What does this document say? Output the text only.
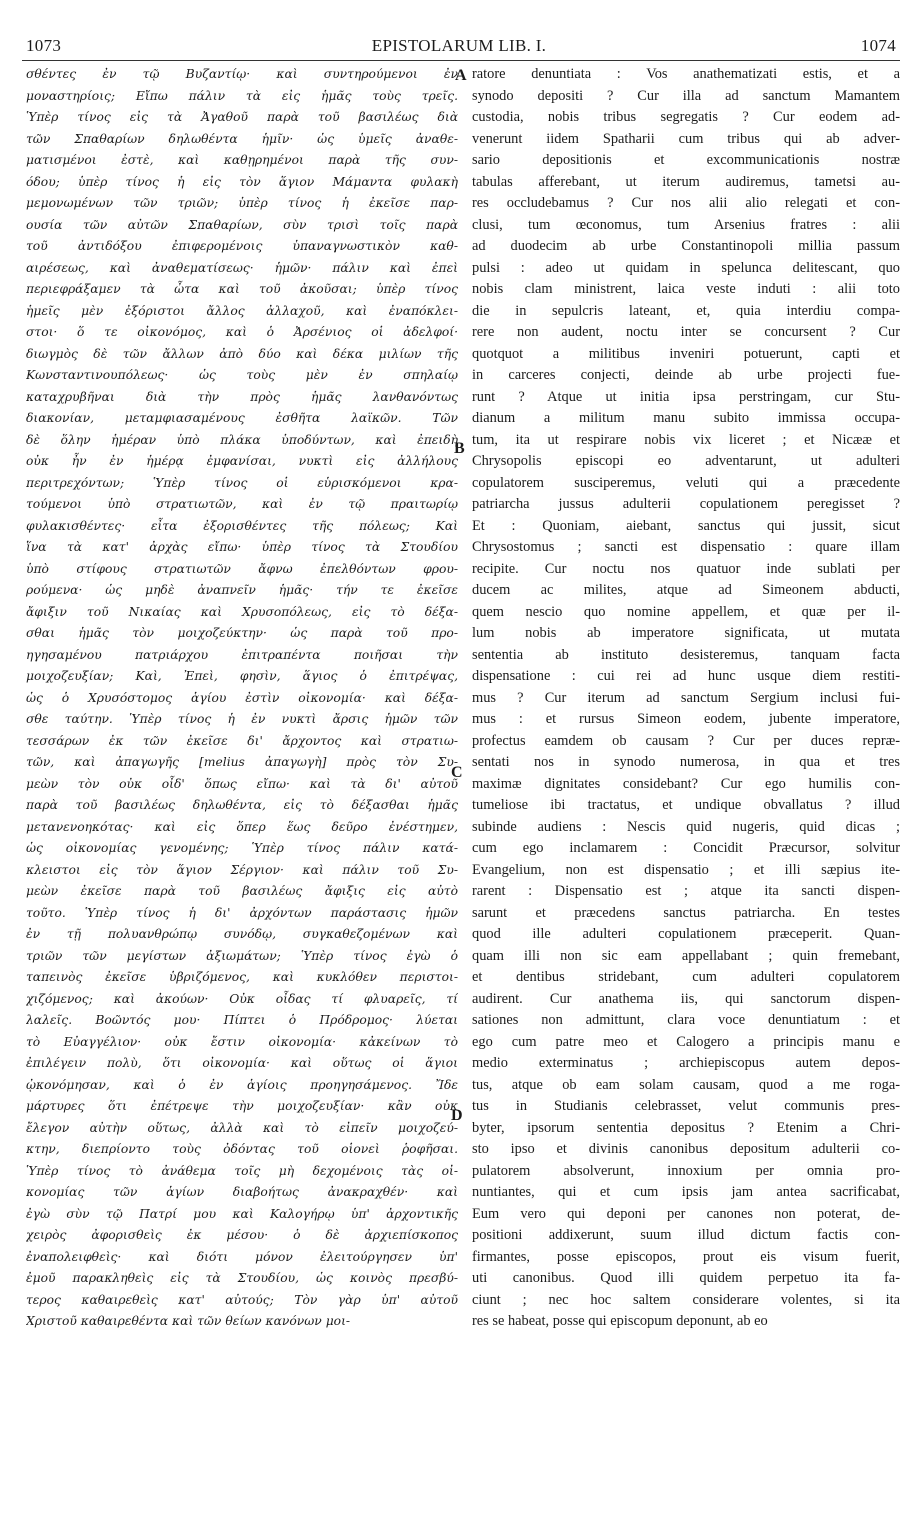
1073	EPISTOLARUM LIB. I.	1074
σθέντες ἐν τῷ Βυζαντίῳ· καὶ συντηρούμενοι ἐν
μοναστηρίοις; Εἴπω πάλιν τὰ εἰς ἡμᾶς τοὺς τρεῖς.
Ὑπὲρ τίνος εἰς τὰ Ἀγαθοῦ παρὰ τοῦ βασιλέως διὰ
τῶν Σπαθαρίων δηλωθέντα ἡμῖν· ὡς ὑμεῖς ἀναθε-
ματισμένοι ἐστὲ, καὶ καθῃρημένοι παρὰ τῆς συν-
όδου; ὑπὲρ τίνος ἡ εἰς τὸν ἅγιον Μάμαντα φυλακὴ
μεμονωμένων τῶν τριῶν; ὑπὲρ τίνος ἡ ἐκεῖσε παρ-
ουσία τῶν αὐτῶν Σπαθαρίων, σὺν τρισὶ τοῖς παρὰ
τοῦ ἀντιδόξου ἐπιφερομένοις ὑπαναγνωστικὸν καθ-
αιρέσεως, καὶ ἀναθεματίσεως· ἡμῶν· πάλιν καὶ ἐπεὶ
περιεφράξαμεν τὰ ὦτα καὶ τοῦ ἀκοῦσαι; ὑπὲρ τίνος
ἡμεῖς μὲν ἐξόριστοι ἄλλος ἀλλαχοῦ, καὶ ἐναπόκλει-
στοι· ὅ τε οἰκονόμος, καὶ ὁ Ἀρσένιος οἱ ἀδελφοί·
διωγμὸς δὲ τῶν ἄλλων ἀπὸ δύο καὶ δέκα μιλίων τῆς
Κωνσταντινουπόλεως· ὡς τοὺς μὲν ἐν σπηλαίῳ
καταχρυβῆναι διὰ τὴν πρὸς ἡμᾶς λανθανόντως
διακονίαν, μεταμφιασαμένους ἐσθῆτα λαϊκῶν. Τῶν
δὲ ὅλην ἡμέραν ὑπὸ πλάκα ὑποδύντων, καὶ ἐπειδὴ
οὐκ ἦν ἐν ἡμέρᾳ ἐμφανίσαι, νυκτὶ εἰς ἀλλήλους
περιτρεχόντων; Ὑπὲρ τίνος οἱ εὑρισκόμενοι κρα-
τούμενοι ὑπὸ στρατιωτῶν, καὶ ἐν τῷ πραιτωρίῳ
φυλακισθέντες· εἶτα ἐξορισθέντες τῆς πόλεως; Καὶ
ἵνα τὰ κατ' ἀρχὰς εἴπω· ὑπὲρ τίνος τὰ Στουδίου
ὑπὸ στίφους στρατιωτῶν ἄφνω ἐπελθόντων φρου-
ρούμενα· ὡς μηδὲ ἀναπνεῖν ἡμᾶς· τήν τε ἐκεῖσε
ἄφιξιν τοῦ Νικαίας καὶ Χρυσοπόλεως, εἰς τὸ δέξα-
σθαι ἡμᾶς τὸν μοιχοζεύκτην· ὡς παρὰ τοῦ προ-
ηγησαμένου πατριάρχου ἐπιτραπέντα ποιῆσαι τὴν
μοιχοζευξίαν; Καὶ, Ἐπεὶ, φησὶν, ἅγιος ὁ ἐπιτρέψας,
ὡς ὁ Χρυσόστομος ἁγίου ἐστὶν οἰκονομία· καὶ δέξα-
σθε ταύτην. Ὑπὲρ τίνος ἡ ἐν νυκτὶ ἄρσις ἡμῶν τῶν
τεσσάρων ἐκ τῶν ἐκεῖσε δι' ἄρχοντος καὶ στρατιω-
τῶν, καὶ ἀπαγωγῆς [melius ἀπαγωγὴ] πρὸς τὸν Συ-
μεὼν τὸν οὐκ οἶδ' ὅπως εἴπω· καὶ τὰ δι' αὐτοῦ
παρὰ τοῦ βασιλέως δηλωθέντα, εἰς τὸ δέξασθαι ἡμᾶς
μετανενοηκότας· καὶ εἰς ὅπερ ἕως δεῦρο ἐνέστημεν,
ὡς οἰκονομίας γενομένης; Ὑπὲρ τίνος πάλιν κατά-
κλειστοι εἰς τὸν ἅγιον Σέργιον· καὶ πάλιν τοῦ Συ-
μεὼν ἐκεῖσε παρὰ τοῦ βασιλέως ἄφιξις εἰς αὐτὸ
τοῦτο. Ὑπὲρ τίνος ἡ δι' ἀρχόντων παράστασις ἡμῶν
ἐν τῇ πολυανθρώπῳ συνόδῳ, συγκαθεζομένων καὶ
τριῶν τῶν μεγίστων ἀξιωμάτων; Ὑπὲρ τίνος ἐγὼ ὁ
ταπεινὸς ἐκεῖσε ὑβριζόμενος, καὶ κυκλόθεν περιστοι-
χιζόμενος; καὶ ἀκούων· Οὐκ οἶδας τί φλυαρεῖς, τί
λαλεῖς. Βοῶντός μου· Πίπτει ὁ Πρόδρομος· λύεται
τὸ Εὐαγγέλιον· οὐκ ἔστιν οἰκονομία· κἀκείνων τὸ
ἐπιλέγειν πολὺ, ὅτι οἰκονομία· καὶ οὕτως οἱ ἅγιοι
ᾠκονόμησαν, καὶ ὁ ἐν ἁγίοις προηγησάμενος. Ἴδε
μάρτυρες ὅτι ἐπέτρεψε τὴν μοιχοζευξίαν· κἂν οὐκ
ἔλεγον αὐτὴν οὕτως, ἀλλὰ καὶ τὸ εἰπεῖν μοιχοζεύ-
κτην, διεπρίοντο τοὺς ὀδόντας τοῦ οἱονεὶ ῥοφῆσαι.
Ὑπὲρ τίνος τὸ ἀνάθεμα τοῖς μὴ δεχομένοις τὰς οἰ-
κονομίας τῶν ἁγίων διαβοήτως ἀνακραχθέν· καὶ
ἐγὼ σὺν τῷ Πατρί μου καὶ Καλογήρῳ ὑπ' ἀρχοντικῆς
χειρὸς ἀφορισθεὶς ἐκ μέσου· ὁ δὲ ἀρχιεπίσκοπος
ἐναπολειφθεὶς· καὶ διότι μόνον ἐλειτούργησεν ὑπ'
ἐμοῦ παρακληθεὶς εἰς τὰ Στουδίου, ὡς κοινὸς πρεσβύ-
τερος καθαιρεθεὶς κατ' αὐτούς; Τὸν γὰρ ὑπ' αὐτοῦ
Χριστοῦ καθαιρεθέντα καὶ τῶν θείων κανόνων μοι-
ratore denuntiata : Vos anathematizati estis, et a
synodo depositi ? Cur illa ad sanctum Mamantem
custodia, nobis tribus segregatis ? Cur eodem ad-
venerunt iidem Spatharii cum tribus qui ab adver-
sario depositionis et excommunicationis nostræ
tabulas afferebant, ut iterum audiremus, tametsi au-
res occludebamus ? Cur nos alii alio relegati et con-
clusi, tum œconomus, tum Arsenius fratres : alii
ad duodecim ab urbe Constantinopoli millia passum
pulsi : adeo ut quidam in spelunca delitescant, quo
nobis clam ministrent, laica veste induti : alii toto
die in sepulcris lateant, et, quia interdiu compa-
rere non audent, noctu inter se concursent ? Cur
quotquot a militibus inveniri potuerunt, capti et
in carceres conjecti, deinde ab urbe projecti fue-
runt ? Atque ut initia ipsa perstringam, cur Stu-
dianum a militum manu subito immissa occupa-
tum, ita ut respirare nobis vix liceret ; et Nicææ et
Chrysopolis episcopi eo adventarunt, ut adulteri
copulatorem susciperemus, veluti qui a præcedente
patriarcha jussus adulterii copulationem peregisset ?
Et : Quoniam, aiebant, sanctus qui jussit, sicut
Chrysostomus ; sancti est dispensatio : quare illam
recipite. Cur noctu nos quatuor inde sublati per
ducem ac milites, atque ad Simeonem abducti,
quem nescio quo nomine appellem, et quæ per il-
lum nobis ab imperatore significata, ut mutata
sententia ab instituto desisteremus, tanquam facta
dispensatione : cui rei ad hunc usque diem restiti-
mus ? Cur iterum ad sanctum Sergium inclusi fui-
mus : et rursus Simeon eodem, jubente imperatore,
profectus eamdem ob causam ? Cur per duces repræ-
sentati nos in synodo numerosa, in qua et tres
maximæ dignitates considebant? Cur ego humilis con-
tumeliose ibi tractatus, et undique obvallatus ? illud
subinde audiens : Nescis quid nugeris, quid dicas ;
cum ego inclamarem : Concidit Præcursor, solvitur
Evangelium, non est dispensatio ; et illi sæpius ite-
rarent : Dispensatio est ; atque ita sancti dispen-
sarunt et præcedens sanctus patriarcha. En testes
quod ille adulteri copulationem præceperit. Quan-
quam illi non sic eam appellabant ; quin fremebant,
et dentibus stridebant, cum adulteri copulatorem
audirent. Cur anathema iis, qui sanctorum dispen-
sationes non admittunt, clara voce denuntiatum : et
ego cum patre meo et Calogero a principis manu e
medio exterminatus ; archiepiscopus autem depos-
tus, atque ob eam solam causam, quod a me roga-
tus in Studianis celebrasset, velut communis pres-
byter, ipsorum sententia depositus ? Etenim a Chri-
sto ipso et divinis canonibus depositum adulterii co-
pulatorem absolverunt, innoxium per omnia pro-
nuntiantes, qui et cum ipsis jam antea sacrificabat,
Eum vero qui deponi per canones non poterat, de-
positioni addixerunt, suum illud dictum factis con-
firmantes, posse episcopos, prout eis visum fuerit,
uti canonibus. Quod illi quidem perpetuo ita fa-
ciunt ; nec hoc saltem considerare volentes, si ita
res se habeat, posse qui episcopum deponunt, ab eo
A
B
C
D
